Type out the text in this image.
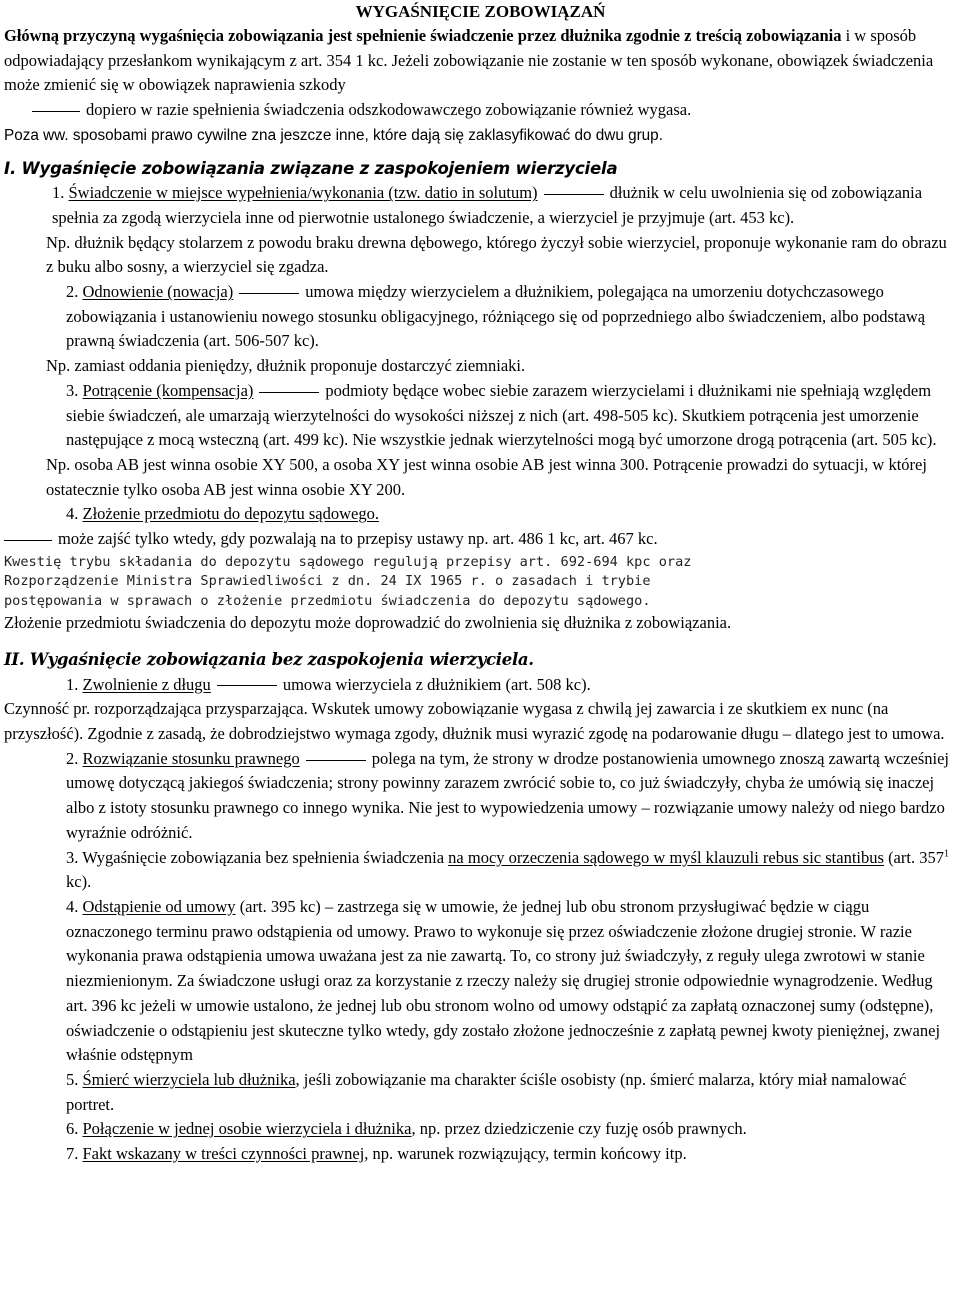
WYGAŚNIĘCIE ZOBOWIĄZAŃ

Główną przyczyną wygaśnięcia zobowiązania jest spełnienie świadczenie przez dłużnika zgodnie z treścią zobowiązania i w sposób odpowiadający przesłankom wynikającym z art. 354 1 kc. Jeżeli zobowiązanie nie zostanie w ten sposób wykonane, obowiązek świadczenia może zmienić się w obowiązek naprawienia szkody

dopiero w razie spełnienia świadczenia odszkodowawczego zobowiązanie również wygasa.

Poza ww. sposobami prawo cywilne zna jeszcze inne, które dają się zaklasyfikować do dwu grup.

I. Wygaśnięcie zobowiązania związane z zaspokojeniem wierzyciela

1. Świadczenie w miejsce wypełnienia/wykonania (tzw. datio in solutum)	dłużnik w celu uwolnienia się od zobowiązania spełnia za zgodą wierzyciela inne od pierwotnie ustalonego świadczenie, a wierzyciel je przyjmuje (art. 453 kc).

Np. dłużnik będący stolarzem z powodu braku drewna dębowego, którego życzył sobie wierzyciel, proponuje wykonanie ram do obrazu z buku albo sosny, a wierzyciel się zgadza.

2. Odnowienie (nowacja)	umowa między wierzycielem a dłużnikiem, polegająca na umorzeniu dotychczasowego zobowiązania i ustanowieniu nowego stosunku obligacyjnego, różniącego się od poprzedniego albo świadczeniem, albo podstawą prawną świadczenia (art. 506-507 kc).

Np. zamiast oddania pieniędzy, dłużnik proponuje dostarczyć ziemniaki.

3. Potrącenie (kompensacja)	podmioty będące wobec siebie zarazem wierzycielami i dłużnikami nie spełniają względem siebie świadczeń, ale umarzają wierzytelności do wysokości niższej z nich (art. 498-505 kc). Skutkiem potrącenia jest umorzenie następujące z mocą wsteczną (art. 499 kc). Nie wszystkie jednak wierzytelności mogą być umorzone drogą potrącenia (art. 505 kc).

Np. osoba AB jest winna osobie XY 500, a osoba XY jest winna osobie AB jest winna 300. Potrącenie prowadzi do sytuacji, w której ostatecznie tylko osoba AB jest winna osobie XY 200.

4. Złożenie przedmiotu do depozytu sądowego.

może zajść tylko wtedy, gdy pozwalają na to przepisy ustawy np. art. 486 1 kc, art. 467 kc.

Kwestię trybu składania do depozytu sądowego regulują przepisy art. 692-694 kpc oraz

Rozporządzenie Ministra Sprawiedliwości z dn. 24 IX 1965 r. o zasadach i trybie

postępowania w sprawach o złożenie przedmiotu świadczenia do depozytu sądowego.

Złożenie przedmiotu świadczenia do depozytu może doprowadzić do zwolnienia się dłużnika z zobowiązania.

II. Wygaśnięcie zobowiązania bez zaspokojenia wierzyciela.

1. Zwolnienie z długu	umowa wierzyciela z dłużnikiem (art. 508 kc).

Czynność pr. rozporządzająca przysparzająca. Wskutek umowy zobowiązanie wygasa z chwilą jej zawarcia i ze skutkiem ex nunc (na przyszłość). Zgodnie z zasadą, że dobrodziejstwo wymaga zgody, dłużnik musi wyrazić zgodę na podarowanie długu – dlatego jest to umowa.

2. Rozwiązanie stosunku prawnego	polega na tym, że strony w drodze postanowienia umownego znoszą zawartą wcześniej umowę dotyczącą jakiegoś świadczenia; strony powinny zarazem zwrócić sobie to, co już świadczyły, chyba że umówią się inaczej albo z istoty stosunku prawnego co innego wynika. Nie jest to wypowiedzenia umowy – rozwiązanie umowy należy od niego bardzo wyraźnie odróżnić.

3. Wygaśnięcie zobowiązania bez spełnienia świadczenia na mocy orzeczenia sądowego w myśl klauzuli rebus sic stantibus (art. $357^1$ kc).

4. Odstąpienie od umowy (art. 395 kc) – zastrzega się w umowie, że jednej lub obu stronom przysługiwać będzie w ciągu oznaczonego terminu prawo odstąpienia od umowy. Prawo to wykonuje się przez oświadczenie złożone drugiej stronie. W razie wykonania prawa odstąpienia umowa uważana jest za nie zawartą. To, co strony już świadczyły, z reguły ulega zwrotowi w stanie niezmienionym. Za świadczone usługi oraz za korzystanie z rzeczy należy się drugiej stronie odpowiednie wynagrodzenie. Według art. 396 kc jeżeli w umowie ustalono, że jednej lub obu stronom wolno od umowy odstąpić za zapłatą oznaczonej sumy (odstępne), oświadczenie o odstąpieniu jest skuteczne tylko wtedy, gdy zostało złożone jednocześnie z zapłatą pewnej kwoty pieniężnej, zwanej właśnie odstępnym

5. Śmierć wierzyciela lub dłużnika, jeśli zobowiązanie ma charakter ściśle osobisty (np. śmierć malarza, który miał namalować portret.

6. Połączenie w jednej osobie wierzyciela i dłużnika, np. przez dziedziczenie czy fuzję osób prawnych.

7. Fakt wskazany w treści czynności prawnej, np. warunek rozwiązujący, termin końcowy itp.
